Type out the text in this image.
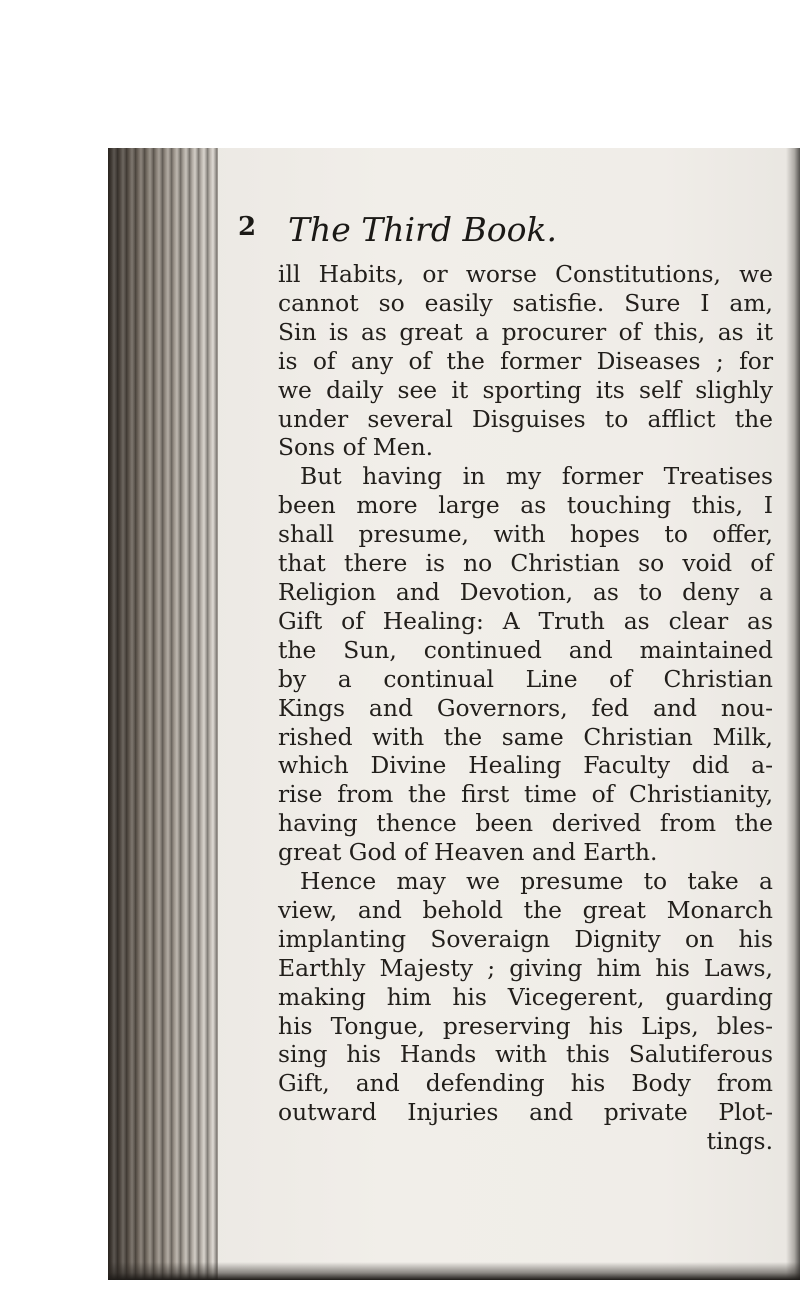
2 The Third Book.
ill Habits, or worse Constitutions, we
cannot so easily satisfie. Sure I am,
Sin is as great a procurer of this, as it
is of any of the former Diseases ; for
we daily see it sporting its self slighly
under several Disguises to afflict the
Sons of Men.
But having in my former Treatises
been more large as touching this, I
shall presume, with hopes to offer,
that there is no Christian so void of
Religion and Devotion, as to deny a
Gift of Healing: A Truth as clear as
the Sun, continued and maintained
by a continual Line of Christian
Kings and Governors, fed and nou-
rished with the same Christian Milk,
which Divine Healing Faculty did a-
rise from the first time of Christianity,
having thence been derived from the
great God of Heaven and Earth.
Hence may we presume to take a
view, and behold the great Monarch
implanting Soveraign Dignity on his
Earthly Majesty ; giving him his Laws,
making him his Vicegerent, guarding
his Tongue, preserving his Lips, bles-
sing his Hands with this Salutiferous
Gift, and defending his Body from
outward Injuries and private Plot-
tings.
